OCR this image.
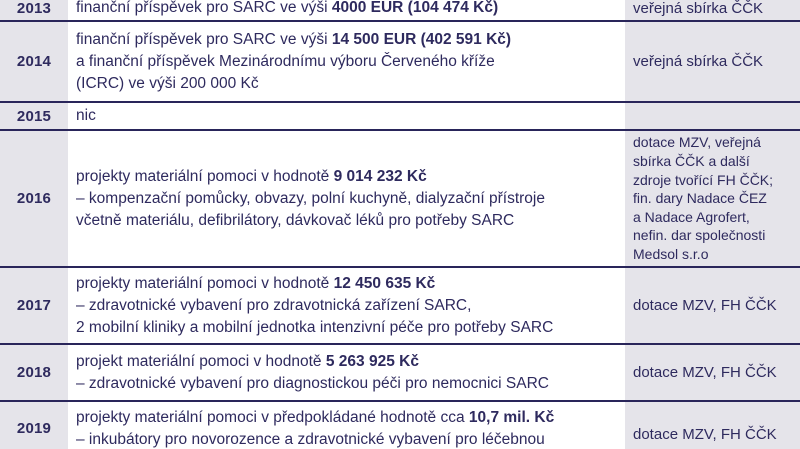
2013 finanční příspěvek pro SARC ve výši 4000 EUR (104 474 Kč)	veřejná sbírka ČČK
2014
finanční příspěvek pro SARC ve výši 14 500 EUR (402 591 Kč)
a finanční příspěvek Mezinárodnímu výboru Červeného kříže
(ICRC) ve výši 200 000 Kč
veřejná sbírka ČČK
2015 nic
2016
projekty materiální pomoci v hodnotě 9 014 232 Kč
– kompenzační pomůcky, obvazy, polní kuchyně, dialyzační přístroje
včetně materiálu, defibrilátory, dávkovač léků pro potřeby SARC
dotace MZV, veřejná
sbírka ČČK a další
zdroje tvořící FH ČČK;
fin. dary Nadace ČEZ
a Nadace Agrofert,
nefin. dar společnosti
Medsol s.r.o
2017
projekty materiální pomoci v hodnotě 12 450 635 Kč
– zdravotnické vybavení pro zdravotnická zařízení SARC,
2 mobilní kliniky a mobilní jednotka intenzivní péče pro potřeby SARC
dotace MZV, FH ČČK
2018
projekt materiální pomoci v hodnotě 5 263 925 Kč
– zdravotnické vybavení pro diagnostickou péči pro nemocnici SARC
dotace MZV, FH ČČK
2019
projekty materiální pomoci v předpokládané hodnotě cca 10,7 mil. Kč
– inkubátory pro novorozence a zdravotnické vybavení pro léčebnou	dotace MZV, FH ČČK
